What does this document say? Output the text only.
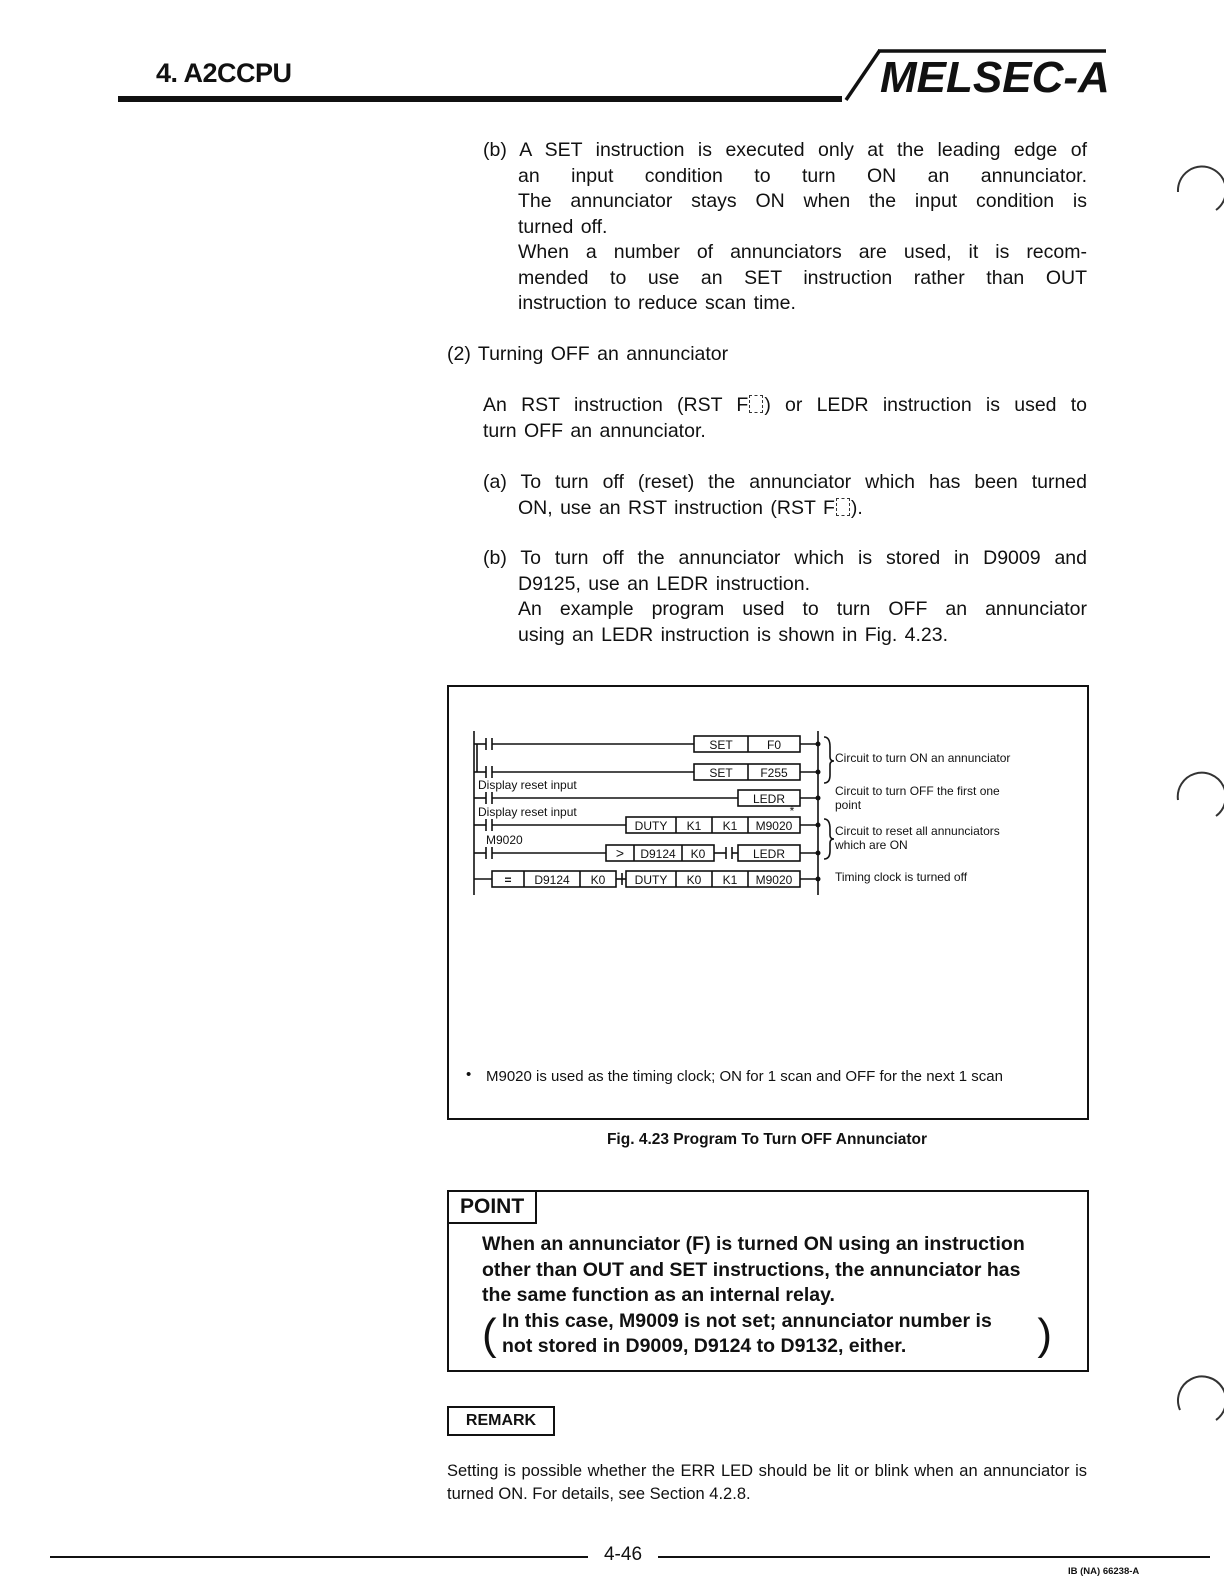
4. A2CCPU	MELSEC-A
(b) A SET instruction is executed only at the leading edge of
an input condition to turn ON an annunciator.
The annunciator stays ON when the input condition is
turned off.
When a number of annunciators are used, it is recom-
mended to use an SET instruction rather than OUT
instruction to reduce scan time.
(2) Turning OFF an annunciator
An RST instruction (RST F ) or LEDR instruction is used to
turn OFF an annunciator.
(a) To turn off (reset) the annunciator which has been turned
ON, use an RST instruction (RST F ).
(b) To turn off the annunciator which is stored in D9009 and
D9125, use an LEDR instruction.
An example program used to turn OFF an annunciator
using an LEDR instruction is shown in Fig. 4.23.
Display reset input
Display reset input
M9020
SET	F0
SET F255
LEDR
*
DUTY K1 K1 M9020
> D9124 K0	LEDR
= D9124 K0 DUTY K0 K1 M9020
Circuit to turn ON an annunciator
Circuit to turn OFF the first one
point
Circuit to reset all annunciators
which are ON
Timing clock is turned off
• M9020 is used as the timing clock; ON for 1 scan and OFF for the next 1 scan
Fig. 4.23 Program To Turn OFF Annunciator
POINT
When an annunciator (F) is turned ON using an instruction
other than OUT and SET instructions, the annunciator has
the same function as an internal relay.
( In this case, M9009 is not set; annunciator number is
not stored in D9009, D9124 to D9132, either.	)
REMARK
Setting is possible whether the ERR LED should be lit or blink when an annunciator is turned ON. For details, see Section 4.2.8.
4-46
IB (NA) 66238-A
